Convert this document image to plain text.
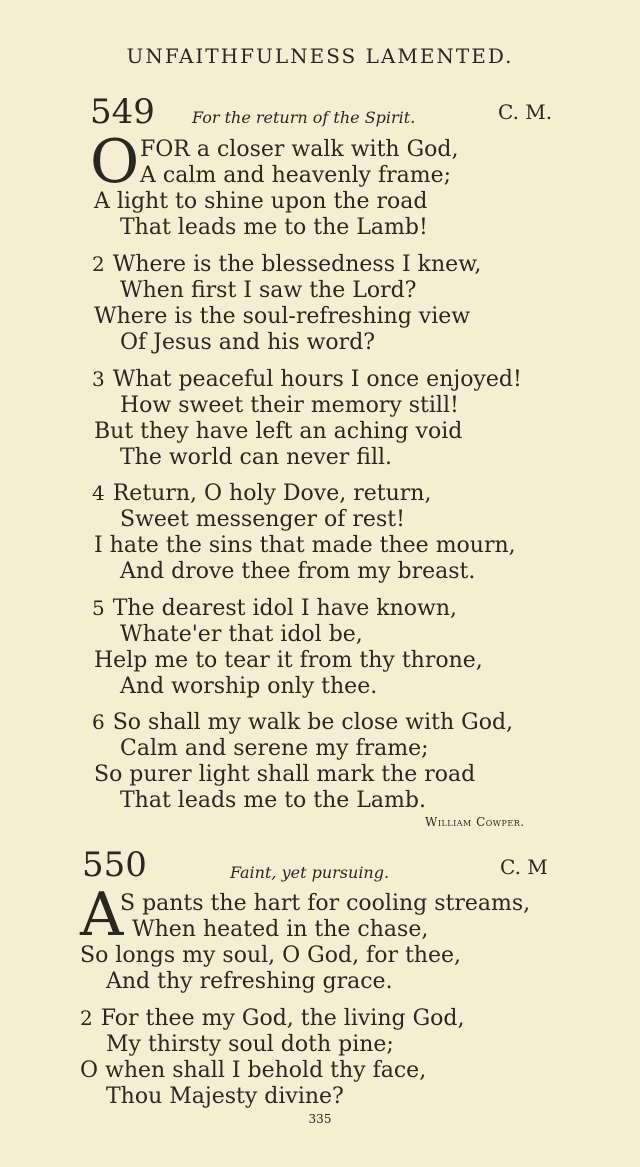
UNFAITHFULNESS LAMENTED.
549 For the return of the Spirit.	C. M.
O FOR a closer walk with God,
A calm and heavenly frame;
A light to shine upon the road
That leads me to the Lamb!
2 Where is the blessedness I knew,
When first I saw the Lord?
Where is the soul-refreshing view
Of Jesus and his word?
3 What peaceful hours I once enjoyed!
How sweet their memory still!
But they have left an aching void
The world can never fill.
4 Return, O holy Dove, return,
Sweet messenger of rest!
I hate the sins that made thee mourn,
And drove thee from my breast.
5 The dearest idol I have known,
Whate'er that idol be,
Help me to tear it from thy throne,
And worship only thee.
6 So shall my walk be close with God,
Calm and serene my frame;
So purer light shall mark the road
That leads me to the Lamb.
William Cowper.
550	Faint, yet pursuing.	C. M
A
S pants the hart for cooling streams,
When heated in the chase,
So longs my soul, O God, for thee,
And thy refreshing grace.
2 For thee my God, the living God,
My thirsty soul doth pine;
O when shall I behold thy face,
Thou Majesty divine?
335
